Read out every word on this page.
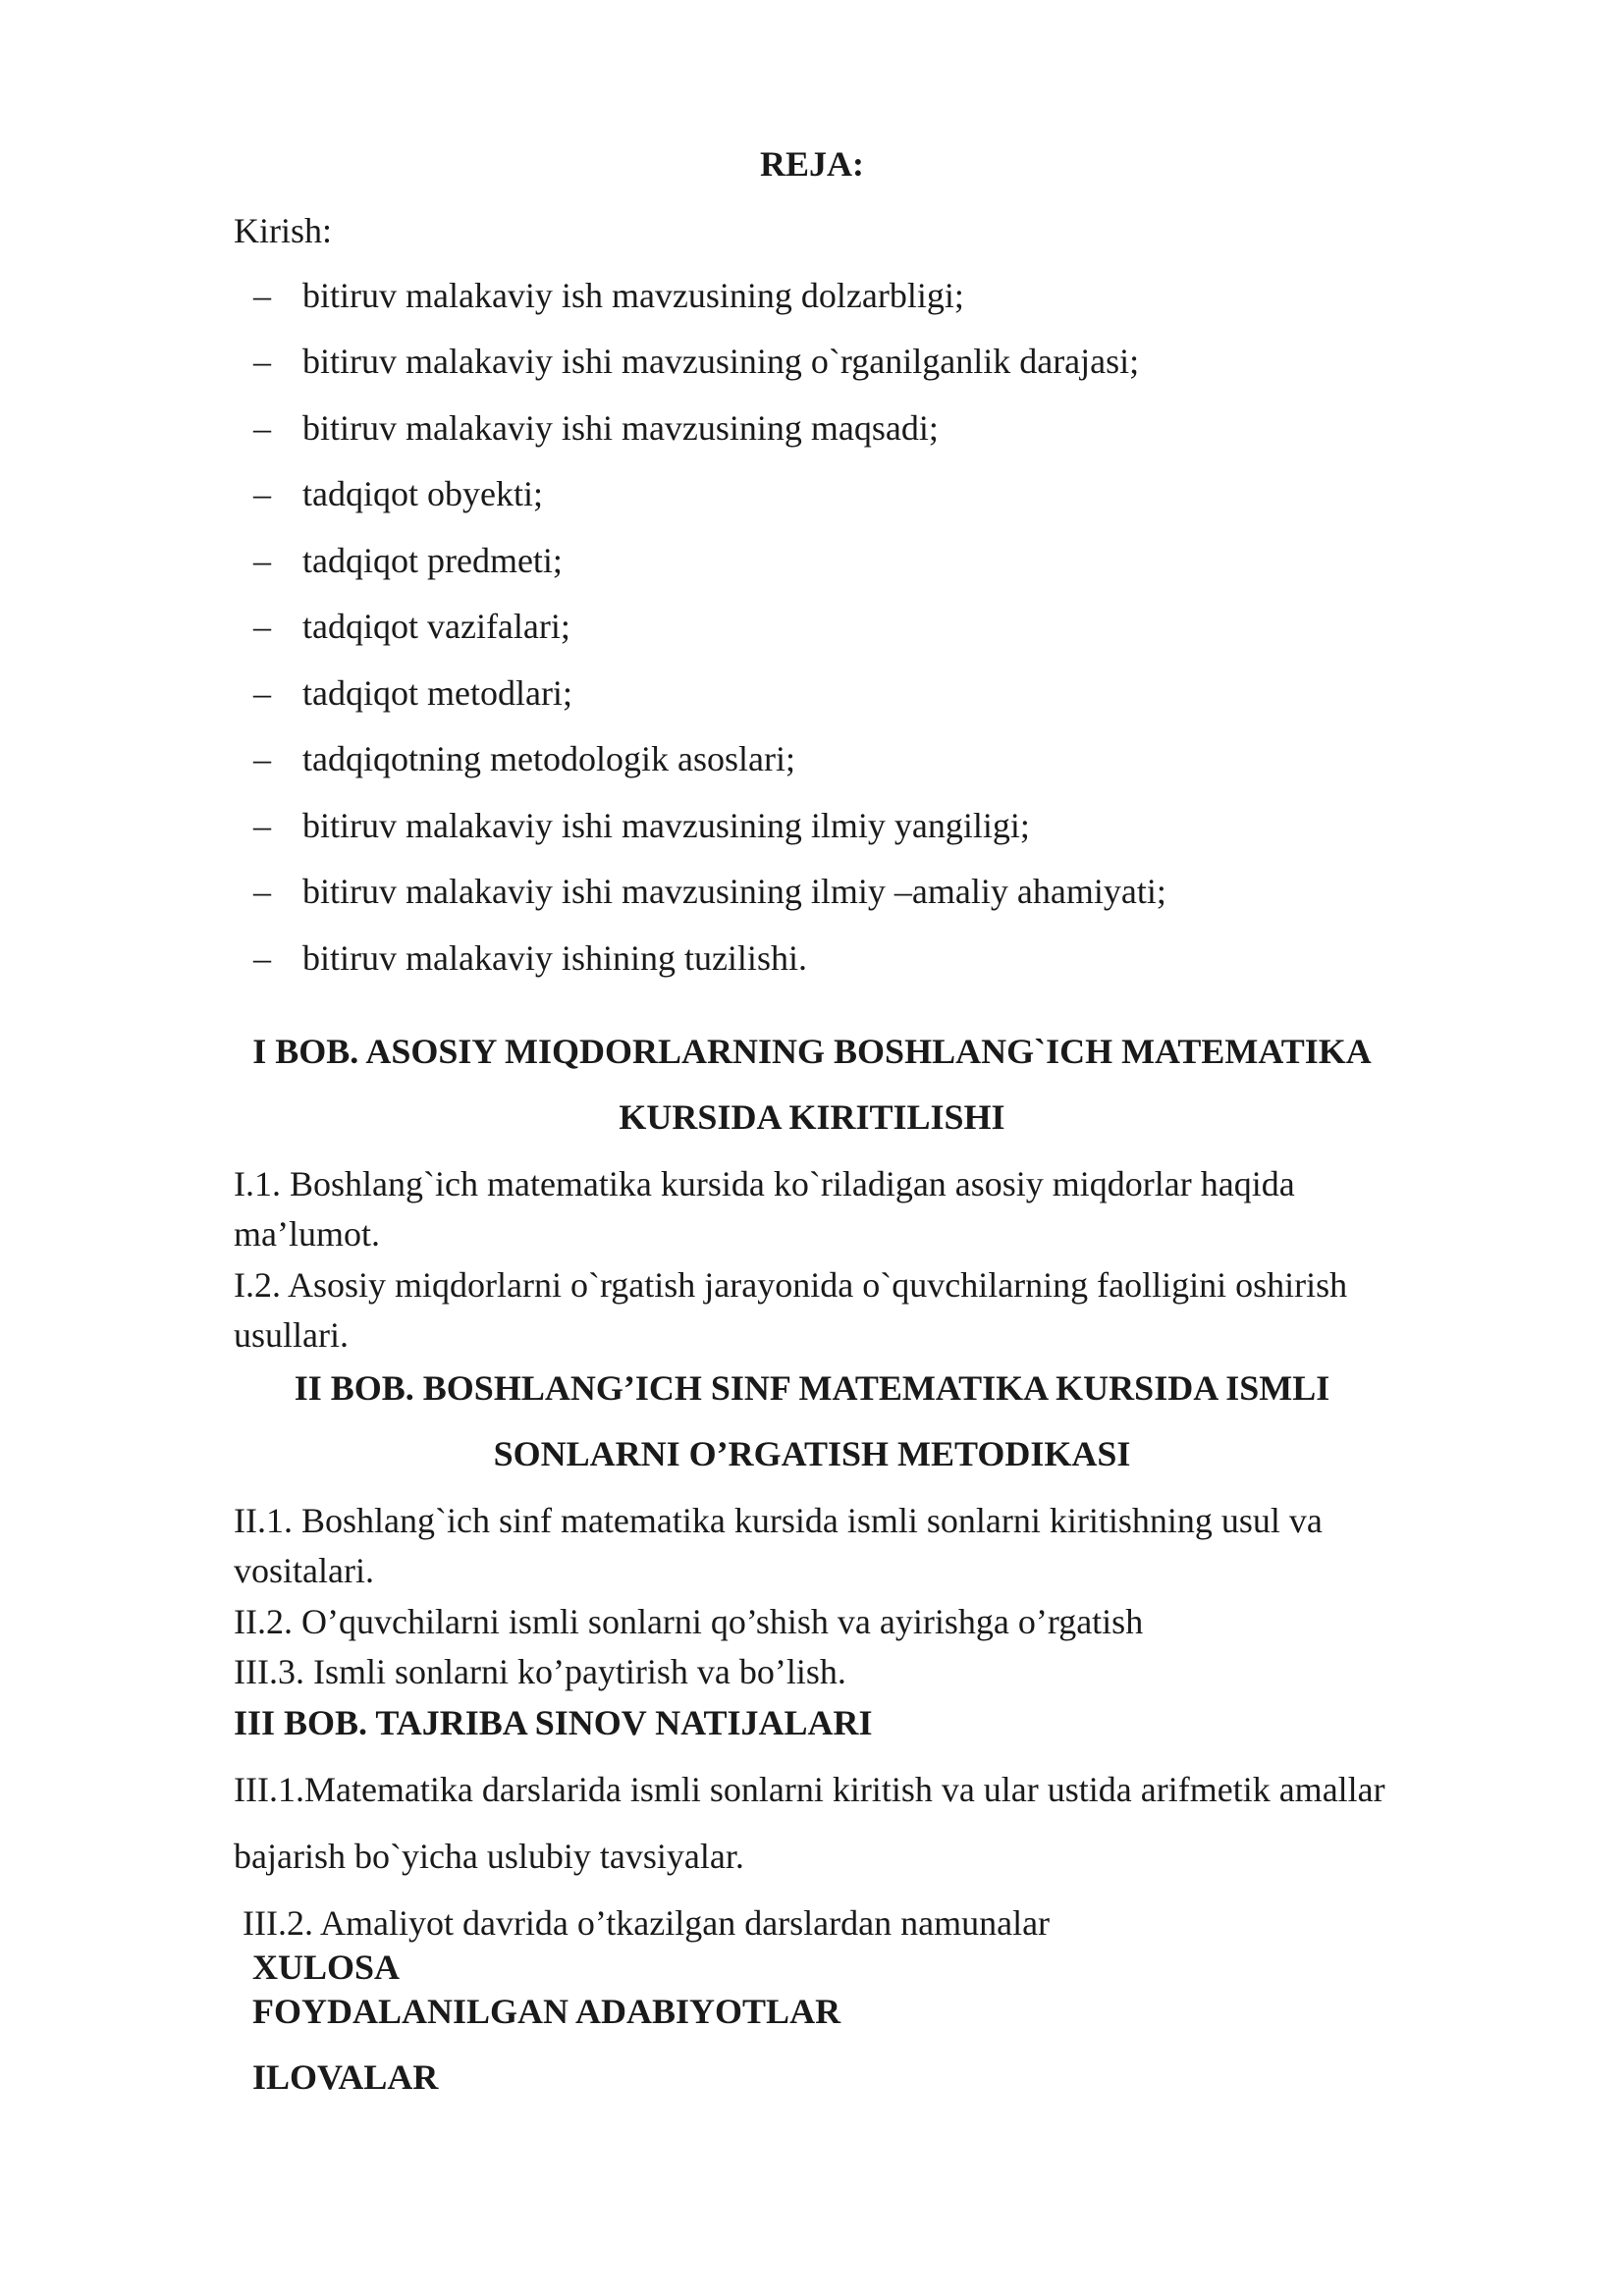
REJA:
Kirish:
– bitiruv malakaviy ish mavzusining dolzarbligi;
– bitiruv malakaviy ishi mavzusining o`rganilganlik darajasi;
– bitiruv malakaviy ishi mavzusining maqsadi;
– tadqiqot obyekti;
– tadqiqot predmeti;
– tadqiqot vazifalari;
– tadqiqot metodlari;
– tadqiqotning metodologik asoslari;
– bitiruv malakaviy ishi mavzusining ilmiy yangiligi;
– bitiruv malakaviy ishi mavzusining ilmiy –amaliy ahamiyati;
– bitiruv malakaviy ishining tuzilishi.
I BOB. ASOSIY MIQDORLARNING BOSHLANG`ICH MATEMATIKA
KURSIDA KIRITILISHI
I.1. Boshlang`ich matematika kursida ko`riladigan asosiy miqdorlar haqida
ma’lumot.
I.2. Asosiy miqdorlarni o`rgatish jarayonida o`quvchilarning faolligini oshirish
usullari.
II BOB. BOSHLANG’ICH SINF MATEMATIKA KURSIDA ISMLI
SONLARNI O’RGATISH METODIKASI
II.1. Boshlang`ich sinf matematika kursida ismli sonlarni kiritishning usul va
vositalari.
II.2. O’quvchilarni ismli sonlarni qo’shish va ayirishga o’rgatish
III.3. Ismli sonlarni ko’paytirish va bo’lish.
III BOB. TAJRIBA SINOV NATIJALARI
III.1.Matematika darslarida ismli sonlarni kiritish va ular ustida arifmetik amallar
bajarish bo`yicha uslubiy tavsiyalar.
III.2. Amaliyot davrida o’tkazilgan darslardan namunalar
XULOSA
FOYDALANILGAN ADABIYOTLAR
ILOVALAR
